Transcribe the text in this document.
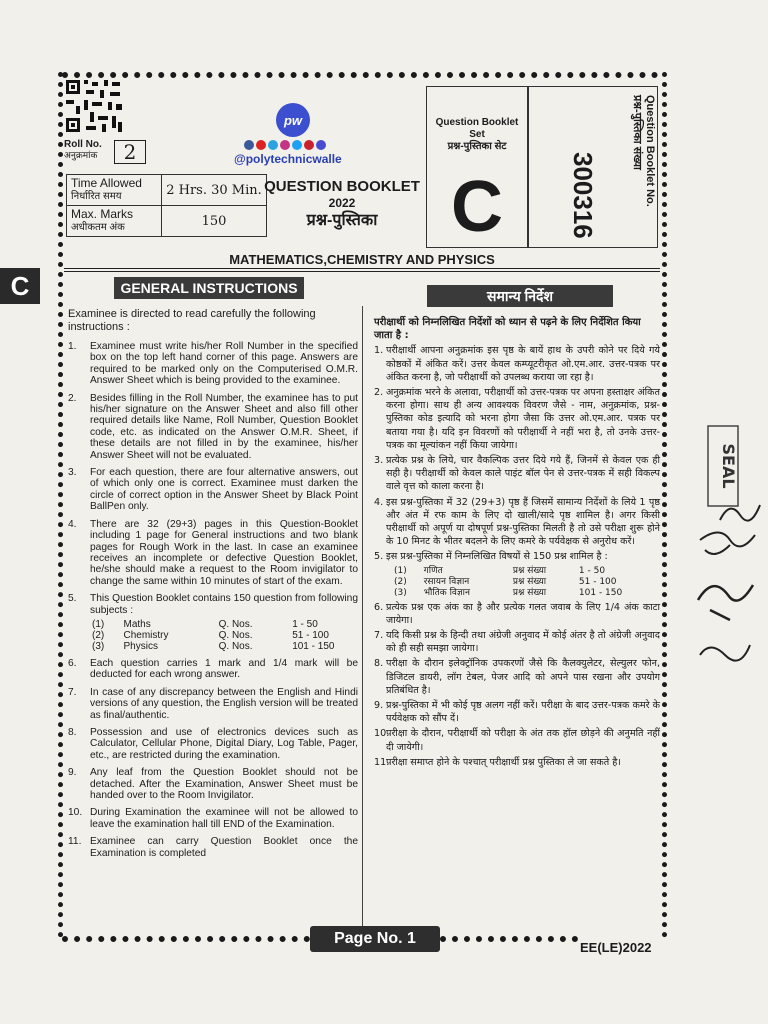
C
Roll No.
अनुक्रमांक	2
pw
@polytechnicwalle
Time Allowed
निर्धारित समय	2 Hrs. 30 Min.
Max. Marks
अधीकतम अंक	150
QUESTION BOOKLET
2022
प्रश्न-पुस्तिका
Question Booklet Set
प्रश्न-पुस्तिका सेट
C
Question Booklet No.
प्रश्न-पुस्तिका संख्या
300316
MATHEMATICS,CHEMISTRY AND PHYSICS
GENERAL INSTRUCTIONS	समान्य निर्देश
Examinee is directed to read carefully the following instructions :
1.	Examinee must write his/her Roll Number in the specified box on the top left hand corner of this page. Answers are required to be marked only on the Computerised O.M.R. Answer Sheet which is being provided to the examinee.
2.	Besides filling in the Roll Number, the examinee has to put his/her signature on the Answer Sheet and also fill other required details like Name, Roll Number, Question Booklet code, etc. as indicated on the Answer O.M.R. Sheet, if these details are not filled in by the examinee, his/her Answer Sheet will not be evaluated.
3.	For each question, there are four alternative answers, out of which only one is correct. Examinee must darken the circle of correct option in the Answer Sheet by Black Point BallPen only.
4.	There are 32 (29+3) pages in this Question-Booklet including 1 page for General instructions and two blank pages for Rough Work in the last. In case an examinee receives an incomplete or defective Question Booklet, he/she should make a request to the Room invigilator to change the same within 10 minutes of start of the exam.
5.	This Question Booklet contains 150 question from following subjects :
(1)	Maths	Q. Nos.	1 - 50
(2)	Chemistry	Q. Nos.	51 - 100
(3)	Physics	Q. Nos.	101 - 150
6.	Each question carries 1 mark and 1/4 mark will be deducted for each wrong answer.
7.	In case of any discrepancy between the English and Hindi versions of any question, the English version will be treated as final/authentic.
8.	Possession and use of electronics devices such as Calculator, Cellular Phone, Digital Diary, Log Table, Pager, etc., are restricted during the examination.
9.	Any leaf from the Question Booklet should not be detached. After the Examination, Answer Sheet must be handed over to the Room Invigilator.
10. During Examination the examinee will not be allowed to leave the examination hall till END of the Examination.
11. Examinee can carry Question Booklet once the Examination is completed
परीक्षार्थी को निम्नलिखित निर्देशों को ध्यान से पढ़ने के लिए निर्देशित किया जाता है :
1. परीक्षार्थी आपना अनुक्रमांक इस पृष्ठ के बायें हाथ के उपरी कोने पर दिये गये कोष्ठकों में अंकित करें। उत्तर केवल कम्प्यूटरीकृत ओ.एम.आर. उत्तर-पत्रक पर अंकित करना है, जो परीक्षार्थी को उपलब्ध कराया जा रहा है।
2. अनुक्रमांक भरने के अलावा, परीक्षार्थी को उत्तर-पत्रक पर अपना हस्ताक्षर अंकित करना होगा। साथ ही अन्य आवश्यक विवरण जैसे - नाम, अनुक्रमांक, प्रश्न-पुस्तिका कोड इत्यादि को भरना होगा जैसा कि उत्तर ओ.एम.आर. पत्रक पर बताया गया है। यदि इन विवरणों को परीक्षार्थी ने नहीं भरा है, तो उनके उत्तर-पत्रक का मूल्यांकन नहीं किया जायेगा।
3. प्रत्येक प्रश्न के लिये, चार वैकल्पिक उत्तर दिये गये हैं, जिनमें से केवल एक ही सही है। परीक्षार्थी को केवल काले पाइंट बॉल पेन से उत्तर-पत्रक में सही विकल्प वाले वृत्त को काला करना है।
4. इस प्रश्न-पुस्तिका में 32 (29+3) पृष्ठ हैं जिसमें सामान्य निर्देशों के लिये 1 पृष्ठ और अंत में रफ काम के लिए दो खाली/सादे पृष्ठ शामिल है। अगर किसी परीक्षार्थी को अपूर्ण या दोषपूर्ण प्रश्न-पुस्तिका मिलती है तो उसे परीक्षा शुरू होने के 10 मिनट के भीतर बदलने के लिए कमरे के पर्यवेक्षक से अनुरोध करें।
5. इस प्रश्न-पुस्तिका में निम्नलिखित विषयों से 150 प्रश्न शामिल है :
(1)	गणित	प्रश्न संख्या	1 - 50
(2)	रसायन विज्ञान	प्रश्न संख्या	51 - 100
(3)	भौतिक विज्ञान	प्रश्न संख्या	101 - 150
6. प्रत्येक प्रश्न एक अंक का है और प्रत्येक गलत जवाब के लिए 1/4 अंक काटा जायेगा।
7. यदि किसी प्रश्न के हिन्दी तथा अंग्रेजी अनुवाद में कोई अंतर है तो अंग्रेजी अनुवाद को ही सही समझा जायेगा।
8. परीक्षा के दौरान इलेक्ट्रॉनिक उपकरणों जैसे कि कैलक्युलेटर, सेल्युलर फोन, डिजिटल डायरी, लॉग टेबल, पेजर आदि को अपने पास रखना और उपयोग प्रतिबंधित है।
9. प्रश्न-पुस्तिका में भी कोई पृष्ठ अलग नहीं करें। परीक्षा के बाद उत्तर-पत्रक कमरे के पर्यवेक्षक को सौंप दें।
10.
परीक्षा के दौरान, परीक्षार्थी को परीक्षा के अंत तक हॉल छोड़ने की अनुमति नहीं दी जायेगी।
11.
परीक्षा समाप्त होने के पश्चात् परीक्षार्थी प्रश्न पुस्तिका ले जा सकते है।
SEAL
Page No. 1
EE(LE)2022
